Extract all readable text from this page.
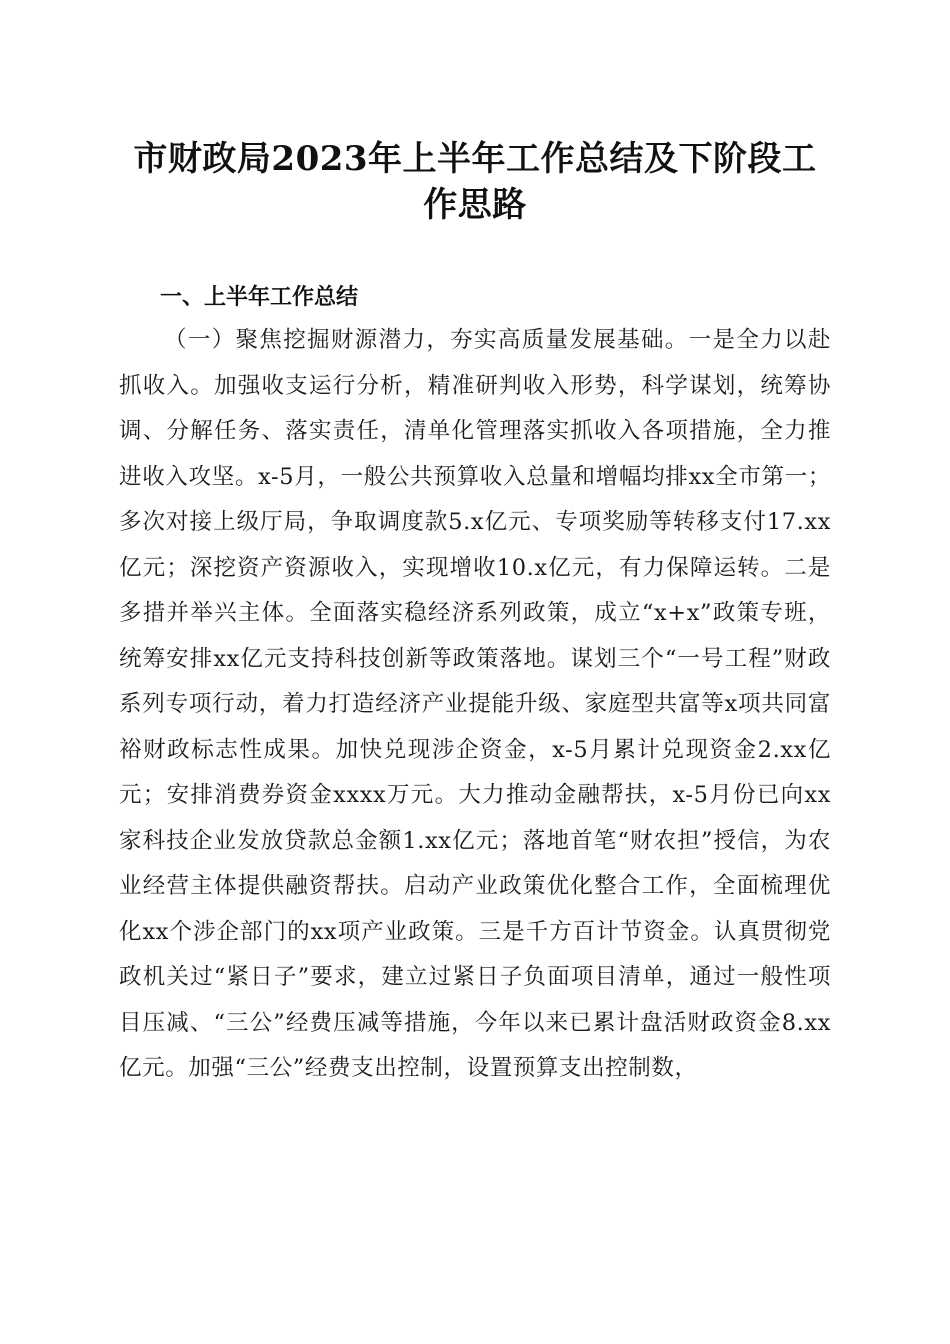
市财政局2023年上半年工作总结及下阶段工作思路
一、上半年工作总结

（一）聚焦挖掘财源潜力，夯实高质量发展基础。一是全力以赴抓收入。加强收支运行分析，精准研判收入形势，科学谋划，统筹协调、分解任务、落实责任，清单化管理落实抓收入各项措施，全力推进收入攻坚。x-5月，一般公共预算收入总量和增幅均排xx全市第一；多次对接上级厅局，争取调度款5.x亿元、专项奖励等转移支付17.xx亿元；深挖资产资源收入，实现增收10.x亿元，有力保障运转。二是多措并举兴主体。全面落实稳经济系列政策，成立“x+x”政策专班，统筹安排xx亿元支持科技创新等政策落地。谋划三个“一号工程”财政系列专项行动，着力打造经济产业提能升级、家庭型共富等x项共同富裕财政标志性成果。加快兑现涉企资金，x-5月累计兑现资金2.xx亿元；安排消费券资金xxxx万元。大力推动金融帮扶，x-5月份已向xx家科技企业发放贷款总金额1.xx亿元；落地首笔“财农担”授信，为农业经营主体提供融资帮扶。启动产业政策优化整合工作，全面梳理优化xx个涉企部门的xx项产业政策。三是千方百计节资金。认真贯彻党政机关过“紧日子”要求，建立过紧日子负面项目清单，通过一般性项目压减、“三公”经费压减等措施，今年以来已累计盘活财政资金8.xx亿元。加强“三公”经费支出控制，设置预算支出控制数，
